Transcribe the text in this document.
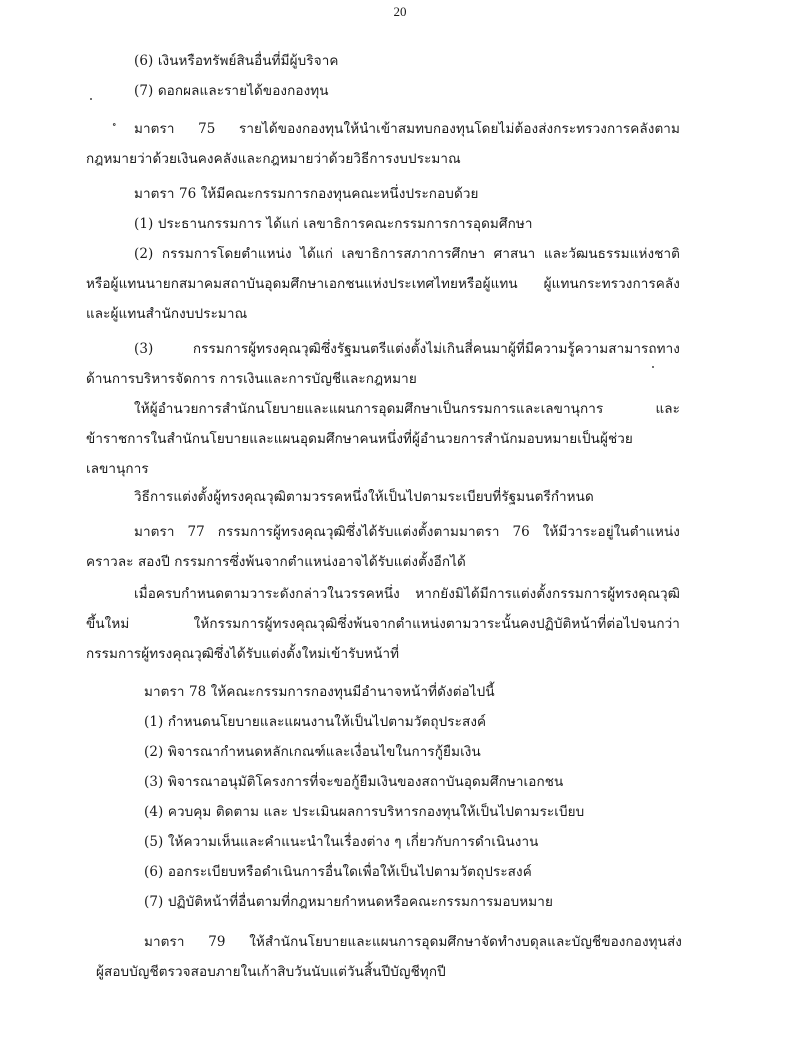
20
(6) เงินหรือทรัพย์สินอื่นที่มีผู้บริจาค
(7) ดอกผลและรายได้ของกองทุน
มาตรา 75 รายได้ของกองทุนให้นำเข้าสมทบกองทุนโดยไม่ต้องส่งกระทรวงการคลังตาม
กฎหมายว่าด้วยเงินคงคลังและกฎหมายว่าด้วยวิธีการงบประมาณ
มาตรา 76 ให้มีคณะกรรมการกองทุนคณะหนึ่งประกอบด้วย
(1) ประธานกรรมการ ได้แก่ เลขาธิการคณะกรรมการการอุดมศึกษา
(2) กรรมการโดยตำแหน่ง ได้แก่ เลขาธิการสภาการศึกษา ศาสนา และวัฒนธรรมแห่งชาติ
หรือผู้แทนนายกสมาคมสถาบันอุดมศึกษาเอกชนแห่งประเทศไทยหรือผู้แทน ผู้แทนกระทรวงการคลัง
และผู้แทนสำนักงบประมาณ
(3) กรรมการผู้ทรงคุณวุฒิซึ่งรัฐมนตรีแต่งตั้งไม่เกินสี่คนมาผู้ที่มีความรู้ความสามารถทาง
ด้านการบริหารจัดการ การเงินและการบัญชีและกฎหมาย
ให้ผู้อำนวยการสำนักนโยบายและแผนการอุดมศึกษาเป็นกรรมการและเลขานุการ และ
ข้าราชการในสำนักนโยบายและแผนอุดมศึกษาคนหนึ่งที่ผู้อำนวยการสำนักมอบหมายเป็นผู้ช่วย
เลขานุการ
วิธีการแต่งตั้งผู้ทรงคุณวุฒิตามวรรคหนึ่งให้เป็นไปตามระเบียบที่รัฐมนตรีกำหนด
มาตรา 77 กรรมการผู้ทรงคุณวุฒิซึ่งได้รับแต่งตั้งตามมาตรา 76 ให้มีวาระอยู่ในตำแหน่ง
คราวละ สองปี กรรมการซึ่งพ้นจากตำแหน่งอาจได้รับแต่งตั้งอีกได้
เมื่อครบกำหนดตามวาระดังกล่าวในวรรคหนึ่ง หากยังมิได้มีการแต่งตั้งกรรมการผู้ทรงคุณวุฒิ
ขึ้นใหม่ ให้กรรมการผู้ทรงคุณวุฒิซึ่งพ้นจากตำแหน่งตามวาระนั้นคงปฏิบัติหน้าที่ต่อไปจนกว่า
กรรมการผู้ทรงคุณวุฒิซึ่งได้รับแต่งตั้งใหม่เข้ารับหน้าที่
มาตรา 78 ให้คณะกรรมการกองทุนมีอำนาจหน้าที่ดังต่อไปนี้
(1) กำหนดนโยบายและแผนงานให้เป็นไปตามวัตถุประสงค์
(2) พิจารณากำหนดหลักเกณฑ์และเงื่อนไขในการกู้ยืมเงิน
(3) พิจารณาอนุมัติโครงการที่จะขอกู้ยืมเงินของสถาบันอุดมศึกษาเอกชน
(4) ควบคุม ติดตาม และ ประเมินผลการบริหารกองทุนให้เป็นไปตามระเบียบ
(5) ให้ความเห็นและคำแนะนำในเรื่องต่าง ๆ เกี่ยวกับการดำเนินงาน
(6) ออกระเบียบหรือดำเนินการอื่นใดเพื่อให้เป็นไปตามวัตถุประสงค์
(7) ปฏิบัติหน้าที่อื่นตามที่กฎหมายกำหนดหรือคณะกรรมการมอบหมาย
มาตรา 79 ให้สำนักนโยบายและแผนการอุดมศึกษาจัดทำงบดุลและบัญชีของกองทุนส่ง
ผู้สอบบัญชีตรวจสอบภายในเก้าสิบวันนับแต่วันสิ้นปีบัญชีทุกปี
